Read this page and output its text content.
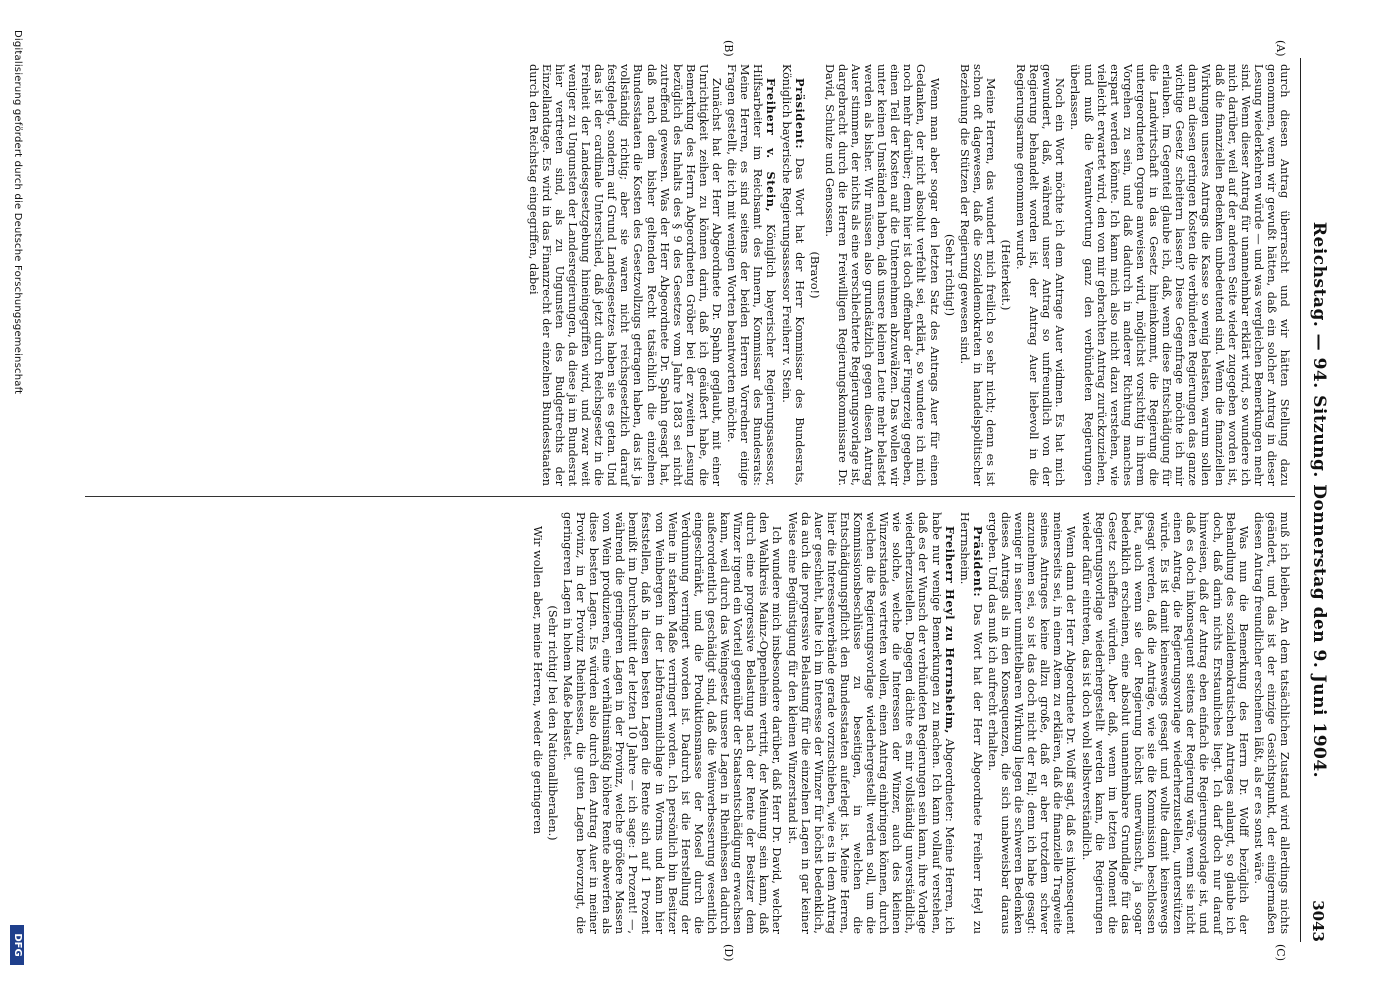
Reichstag. — 94. Sitzung. Donnerstag den 9. Juni 1904.
3043
(A)
(B)
(C)
(D)

durch diesen Antrag überrascht und wir hätten Stellung dazu genommen, wenn wir gewußt hätten, daß ein solcher Antrag in dieser Lesung wiederkehren würde — und was vergleichen Bemerkungen mehr sind. Wenn dieser Antrag für unannehmbar erklärt wird, so wundere ich mich darüber, weil auf der anderen Seite wieder zugegeben worden ist, daß die finanziellen Bedenken unbedeutend sind. Wenn die finanziellen Wirkungen unseres Antrags die Kasse so wenig belasten, warum sollen dann an diesen geringen Kosten die verbündeten Regierungen das ganze wichtige Gesetz scheitern lassen? Diese Gegenfrage möchte ich mir erlauben. Im Gegenteil glaube ich, daß, wenn diese Entschädigung für die Landwirtschaft in das Gesetz hineinkommt, die Regierung die untergeordneten Organe anweisen wird, möglichst vorsichtig in ihrem Vorgehen zu sein, und daß dadurch in anderer Richtung manches erspart werden könnte. Ich kann mich also nicht dazu verstehen, wie vielleicht erwartet wird, den von mir gebrachten Antrag zurückzuziehen, und muß die Verantwortung ganz den verbündeten Regierungen überlassen.

Noch ein Wort möchte ich dem Antrage Auer widmen. Es hat mich gewundert, daß, während unser Antrag so unfreundlich von der Regierung behandelt worden ist, der Antrag Auer liebevoll in die Regierungsarme genommen wurde.

(Heiterkeit.)

Meine Herren, das wundert mich freilich so sehr nicht; denn es ist schon oft dagewesen, daß die Sozialdemokraten in handelspolitischer Beziehung die Stützen der Regierung gewesen sind.

(Sehr richtig!)

Wenn man aber sogar den letzten Satz des Antrags Auer für einen Gedanken, der nicht absolut verfehlt sei, erklärt, so wundere ich mich noch mehr darüber; denn hier ist doch offenbar der Fingerzeig gegeben, einen Teil der Kosten auf die Unternehmen abzuwälzen. Das wollen wir unter keinen Umständen haben, daß unsere kleinen Leute mehr belastet werden als bisher. Wir müssen also grundsätzlich gegen diesen Antrag Auer stimmen, der nichts als eine verschlechterte Regierungsvorlage ist, dargebracht durch die Herren Freiwilligen Regierungskommissare Dr. David, Schulze und Genossen.

(Bravo!)

Präsident: Das Wort hat der Herr Kommissar des Bundesrats, Königlich bayerische Regierungsassessor Freiherr v. Stein.

Freiherr v. Stein, Königlich bayerischer Regierungsassessor, Hilfsarbeiter im Reichsamt des Innern, Kommissar des Bundesrats: Meine Herren, es sind seitens der beiden Herren Vorredner einige Fragen gestellt, die ich mit wenigen Worten beantworten möchte.

Zunächst hat der Herr Abgeordnete Dr. Spahn geglaubt, mit einer Unrichtigkeit zeihen zu können darin, daß ich geäußert habe, die Bemerkung des Herrn Abgeordneten Gröber bei der zweiten Lesung bezüglich des Inhalts des § 9 des Gesetzes vom Jahre 1883 sei nicht zutreffend gewesen. Was der Herr Abgeordnete Dr. Spahn gesagt hat, daß nach dem bisher geltenden Recht tatsächlich die einzelnen Bundesstaaten die Kosten des Gesetzvollzugs getragen haben, das ist ja vollständig richtig; aber sie waren nicht reichsgesetzlich darauf festgelegt, sondern auf Grund Landesgesetzes haben sie es getan. Und das ist der cardinale Unterschied, daß jetzt durch Reichsgesetz in die Freiheit der Landesgesetzgebung hineingegriffen wird, und zwar weit weniger zu Ungunsten der Landesregierungen, da diese ja im Bundesrat hier vertreten sind, als zu Ungunsten des Budgetrechts der Einzellandtage. Es wird in das Finanzrecht der einzelnen Bundesstaaten durch den Reichstag eingegriffen, dabei

muß ich bleiben. An dem tatsächlichen Zustand wird allerdings nichts geändert, und das ist der einzige Gesichtspunkt, der einigermaßen diesen Antrag freundlicher erscheinen läßt, als er es sonst wäre.

Was nun die Bemerkung des Herrn Dr. Wolff bezüglich der Behandlung des sozialdemokratischen Antrages anlangt, so glaube ich doch, daß darin nichts Erstaunliches liegt. Ich darf doch nur darauf hinweisen, daß der Antrag eben einfach die Regierungsvorlage ist, und daß es doch inkonsequent seitens der Regierung wäre, wenn sie nicht einen Antrag, die Regierungsvorlage wiederherzustellen, unterstützen würde. Es ist damit keineswegs gesagt und wollte damit keineswegs gesagt werden, daß die Anträge, wie sie die Kommission beschlossen hat, auch wenn sie der Regierung höchst unerwünscht, ja sogar bedenklich erscheinen, eine absolut unannehmbare Grundlage für das Gesetz schaffen würden. Aber daß, wenn im letzten Moment die Regierungsvorlage wiederhergestellt werden kann, die Regierungen wieder dafür eintreten, das ist doch wohl selbstverständlich.

Wenn dann der Herr Abgeordnete Dr. Wolff sagt, daß es inkonsequent meinerseits sei, in einem Atem zu erklären, daß die finanzielle Tragweite seines Antrages keine allzu große, daß er aber trotzdem schwer anzunehmen sei, so ist das doch nicht der Fall; denn ich habe gesagt: weniger in seiner unmittelbaren Wirkung liegen die schweren Bedenken dieses Antrags als in den Konsequenzen, die sich unabweisbar daraus ergeben. Und das muß ich aufrecht erhalten.

Präsident: Das Wort hat der Herr Abgeordnete Freiherr Heyl zu Herrnsheim.

Freiherr Heyl zu Herrnsheim, Abgeordneter: Meine Herren, ich habe nur wenige Bemerkungen zu machen. Ich kann vollauf verstehen, daß es der Wunsch der verbündeten Regierungen sein kann, ihre Vorlage wiederherzustellen. Dagegen dächte es mir vollständig unverständlich, wie solche, welche die Interessen der Winzer, auch des kleinen Winzerstandes vertreten wollen, einen Antrag einbringen können, durch welchen die Regierungsvorlage wiederhergestellt werden soll, um die Kommissionsbeschlüsse zu beseitigen, in welchen die Entschädigungspflicht den Bundesstaaten auferlegt ist. Meine Herren, hier die Interessenverbände gerade vorzuschieben, wie es in dem Antrag Auer geschieht, halte ich im Interesse der Winzer für höchst bedenklich, da auch die progressive Belastung für die einzelnen Lagen in gar keiner Weise eine Begünstigung für den kleinen Winzerstand ist.

Ich wundere mich insbesondere darüber, daß Herr Dr. David, welcher den Wahlkreis Mainz-Oppenheim vertritt, der Meinung sein kann, daß durch eine progressive Belastung nach der Rente der Besitzer dem Winzer irgend ein Vorteil gegenüber der Staatsentschädigung erwachsen kann, weil durch das Weingesetz unsere Lagen in Rheinhessen dadurch außerordentlich geschädigt sind, daß die Weinverbesserung wesentlich eingeschränkt, und die Produktionsmasse der Mosel durch die Verdunnung verringert worden ist. Dadurch ist die Herstellung der Weine in starkem Maße verringert worden. Ich persönlich bin Besitzer von Weinbergen in der Liebfrauenmilchlage in Worms und kann hier feststellen, daß in diesen besten Lagen die Rente sich auf 1 Prozent bemißt im Durchschnitt der letzten 10 Jahre — ich sage: 1 Prozent! —, während die geringeren Lagen in der Provinz, welche größere Massen von Wein produzieren, eine verhältnismäßig höhere Rente abwerfen als diese besten Lagen. Es würden also durch den Antrag Auer in meiner Provinz, in der Provinz Rheinhessen, die guten Lagen bevorzugt, die geringeren Lagen in hohem Maße belastet.

(Sehr richtig! bei den Nationalliberalen.)

Wir wollen aber, meine Herren, weder die geringeren

Digitalisierung gefördert durch die Deutsche Forschungsgemeinschaft
DFG
